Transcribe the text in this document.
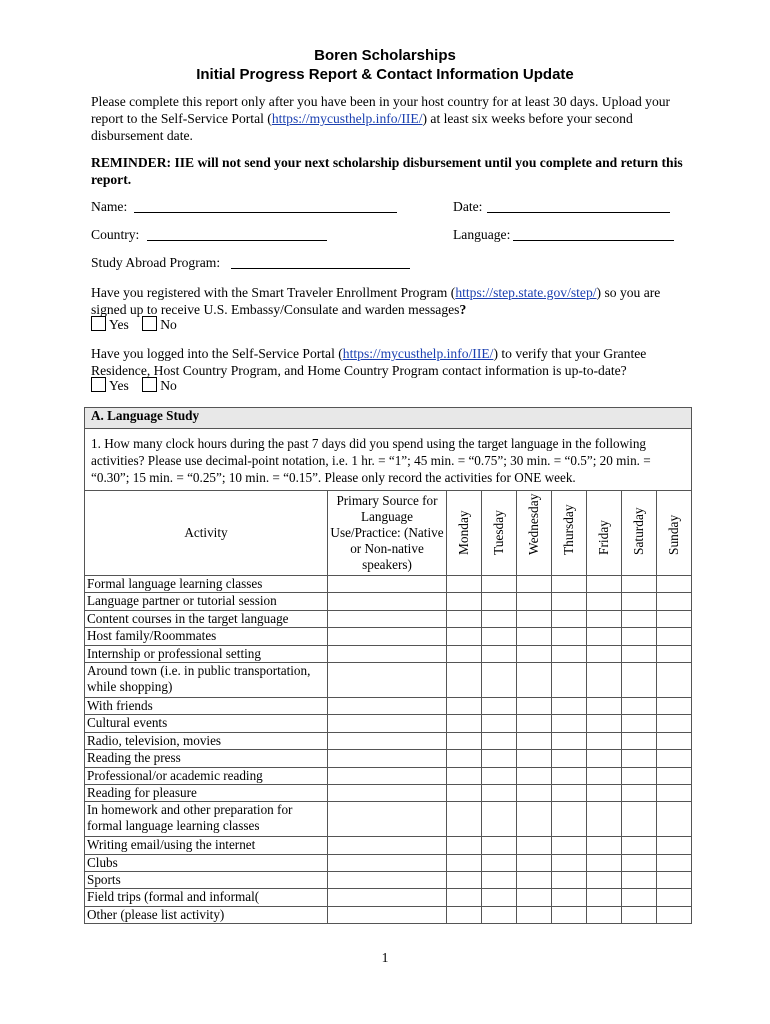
Boren Scholarships
Initial Progress Report & Contact Information Update
Please complete this report only after you have been in your host country for at least 30 days. Upload your report to the Self-Service Portal (https://mycusthelp.info/IIE/) at least six weeks before your second disbursement date.
REMINDER: IIE will not send your next scholarship disbursement until you complete and return this report.
Name:	Date:
Country:	Language:
Study Abroad Program:
Have you registered with the Smart Traveler Enrollment Program (https://step.state.gov/step/) so you are signed up to receive U.S. Embassy/Consulate and warden messages?
Yes No
Have you logged into the Self-Service Portal (https://mycusthelp.info/IIE/) to verify that your Grantee Residence, Host Country Program, and Home Country Program contact information is up-to-date?
Yes No
A. Language Study								
1. How many clock hours during the past 7 days did you spend using the target language in the following activities? Please use decimal-point notation, i.e. 1 hr. = “1”; 45 min. = “0.75”; 30 min. = “0.5”; 20 min. = “0.30”; 15 min. = “0.25”; 10 min. = “0.15”. Please only record the activities for ONE week.								
Activity	Primary Source for Language Use/Practice: (Native or Non-native speakers)	Monday	Tuesday	Wednesday	Thursday	Friday	Saturday	Sunday

Formal language learning classes								
Language partner or tutorial session								
Content courses in the target language								
Host family/Roommates								
Internship or professional setting								
Around town (i.e. in public transportation, while shopping)								
With friends								
Cultural events								
Radio, television, movies								
Reading the press								
Professional/or academic reading								
Reading for pleasure								
In homework and other preparation for formal language learning classes								
Writing email/using the internet								
Clubs								
Sports								
Field trips (formal and informal(								
Other (please list activity)								
1
